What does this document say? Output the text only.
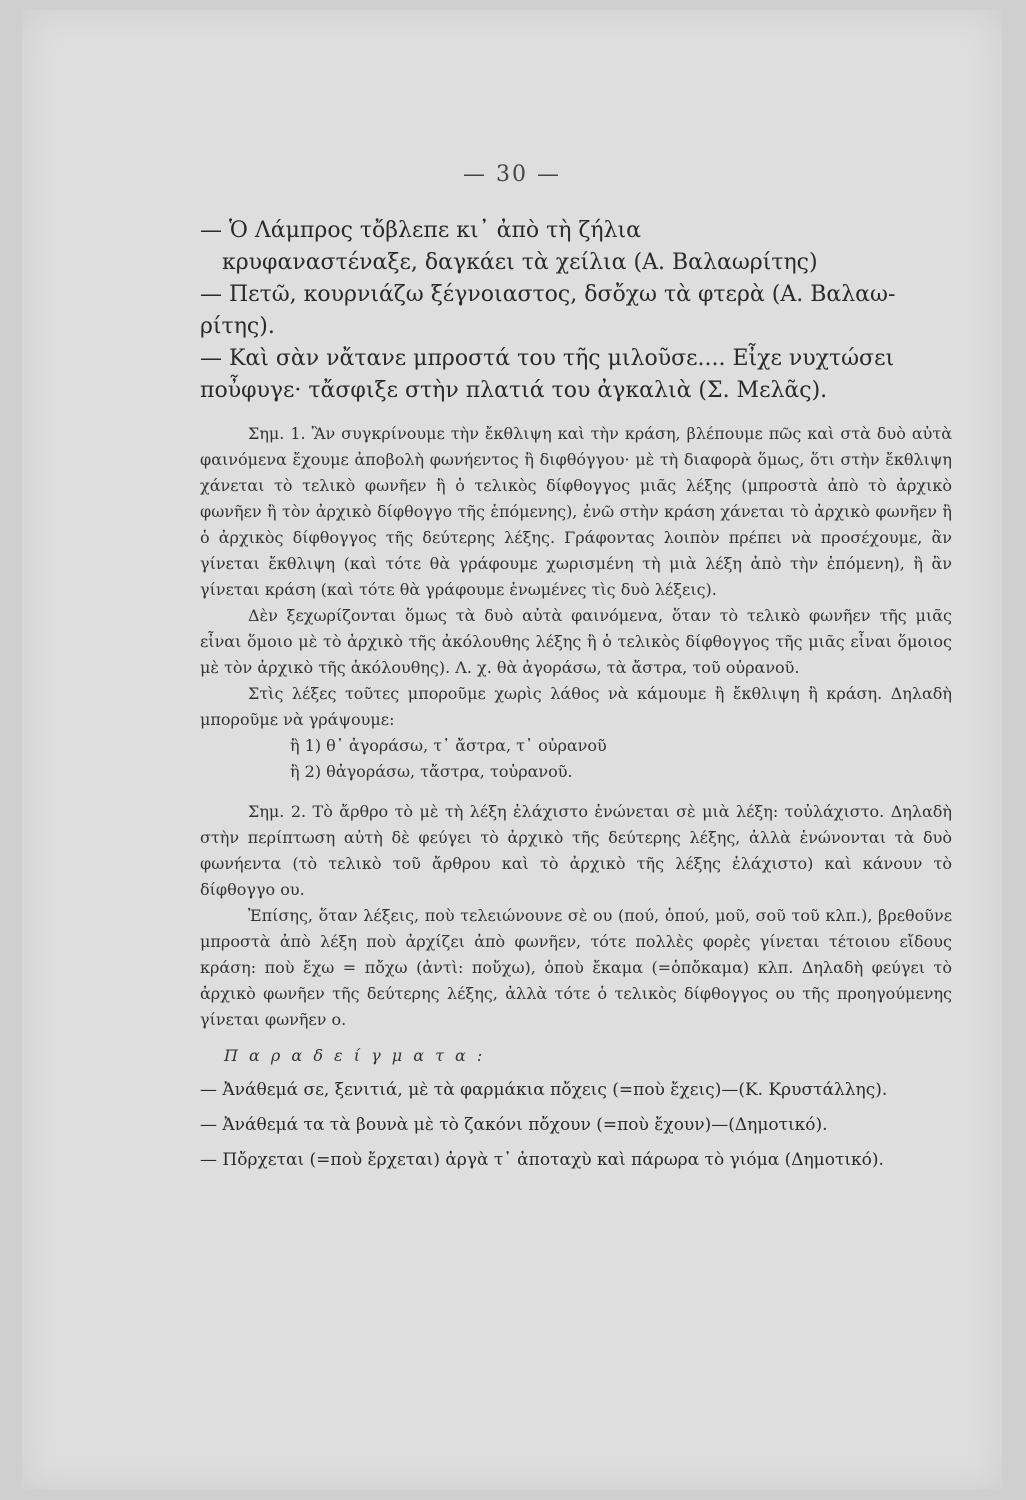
— 30 —
— Ὁ Λάμπρος τὄβλεπε κι᾽ ἀπὸ τὴ ζήλια
κρυφαναστέναξε, δαγκάει τὰ χείλια (Α. Βαλαωρίτης)
— Πετῶ, κουρνιάζω ξέγνοιαστος, δσὄχω τὰ φτερὰ (Α. Βαλαω-
ρίτης).
— Καὶ σὰν νἄτανε μπροστά του τῆς μιλοῦσε.... Εἶχε νυχτώσει
ποὖφυγε· τἄσφιξε στὴν πλατιά του ἀγκαλιὰ (Σ. Μελᾶς).

Σημ. 1. Ἂν συγκρίνουμε τὴν ἔκθλιψη καὶ τὴν κράση, βλέπουμε πῶς καὶ στὰ δυὸ αὐτὰ φαινόμενα ἔχουμε ἀποβολὴ φωνήεντος ἢ διφθόγγου· μὲ τὴ διαφορὰ ὅμως, ὅτι στὴν ἔκθλιψη χάνεται τὸ τελικὸ φωνῆεν ἢ ὁ τελικὸς δίφθογγος μιᾶς λέξης (μπροστὰ ἀπὸ τὸ ἀρχικὸ φωνῆεν ἢ τὸν ἀρχικὸ δίφθογγο τῆς ἑπόμενης), ἐνῶ στὴν κράση χάνεται τὸ ἀρχικὸ φωνῆεν ἢ ὁ ἀρχικὸς δίφθογγος τῆς δεύτερης λέξης. Γράφοντας λοιπὸν πρέπει νὰ προσέχουμε, ἂν γίνεται ἔκθλιψη (καὶ τότε θὰ γράφουμε χωρισμένη τὴ μιὰ λέξη ἀπὸ τὴν ἑπόμενη), ἢ ἂν γίνεται κράση (καὶ τότε θὰ γράφουμε ἑνωμένες τὶς δυὸ λέξεις).

Δὲν ξεχωρίζονται ὅμως τὰ δυὸ αὐτὰ φαινόμενα, ὅταν τὸ τελικὸ φωνῆεν τῆς μιᾶς εἶναι ὅμοιο μὲ τὸ ἀρχικὸ τῆς ἀκόλουθης λέξης ἢ ὁ τελικὸς δίφθογγος τῆς μιᾶς εἶναι ὅμοιος μὲ τὸν ἀρχικὸ τῆς ἀκόλουθης). Λ. χ. θὰ ἀγοράσω, τὰ ἄστρα, τοῦ οὐρανοῦ.

Στὶς λέξες τοῦτες μποροῦμε χωρὶς λάθος νὰ κάμουμε ἢ ἔκθλιψη ἢ κράση. Δηλαδὴ μποροῦμε νὰ γράψουμε:

ἢ 1) θ᾽ ἀγοράσω, τ᾽ ἄστρα, τ᾽ οὐρανοῦ

ἢ 2) θἀγοράσω, τἄστρα, τοὐρανοῦ.

Σημ. 2. Τὸ ἄρθρο τὸ μὲ τὴ λέξη ἐλάχιστο ἑνώνεται σὲ μιὰ λέξη: τοὐλάχιστο. Δηλαδὴ στὴν περίπτωση αὐτὴ δὲ φεύγει τὸ ἀρχικὸ τῆς δεύτερης λέξης, ἀλλὰ ἑνώνονται τὰ δυὸ φωνήεντα (τὸ τελικὸ τοῦ ἄρθρου καὶ τὸ ἀρχικὸ τῆς λέξης ἐλάχιστο) καὶ κάνουν τὸ δίφθογγο ου.

Ἐπίσης, ὅταν λέξεις, ποὺ τελειώνουνε σὲ ου (πού, ὁπού, μοῦ, σοῦ τοῦ κλπ.), βρεθοῦνε μπροστὰ ἀπὸ λέξη ποὺ ἀρχίζει ἀπὸ φωνῆεν, τότε πολλὲς φορὲς γίνεται τέτοιου εἴδους κράση: ποὺ ἔχω = πὄχω (ἀντὶ: ποὔχω), ὁποὺ ἔκαμα (=ὁπὄκαμα) κλπ. Δηλαδὴ φεύγει τὸ ἀρχικὸ φωνῆεν τῆς δεύτερης λέξης, ἀλλὰ τότε ὁ τελικὸς δίφθογγος ου τῆς προηγούμενης γίνεται φωνῆεν ο.

Π α ρ α δ ε ί γ μ α τ α :

— Ἀνάθεμά σε, ξενιτιά, μὲ τὰ φαρμάκια πὄχεις (=ποὺ ἔχεις)—(Κ. Κρυστάλλης).

— Ἀνάθεμά τα τὰ βουνὰ μὲ τὸ ζακόνι πὄχουν (=ποὺ ἔχουν)—(Δημοτικό).

— Πὄρχεται (=ποὺ ἔρχεται) ἀργὰ τ᾽ ἀποταχὺ καὶ πάρωρα τὸ γιόμα (Δημοτικό).
